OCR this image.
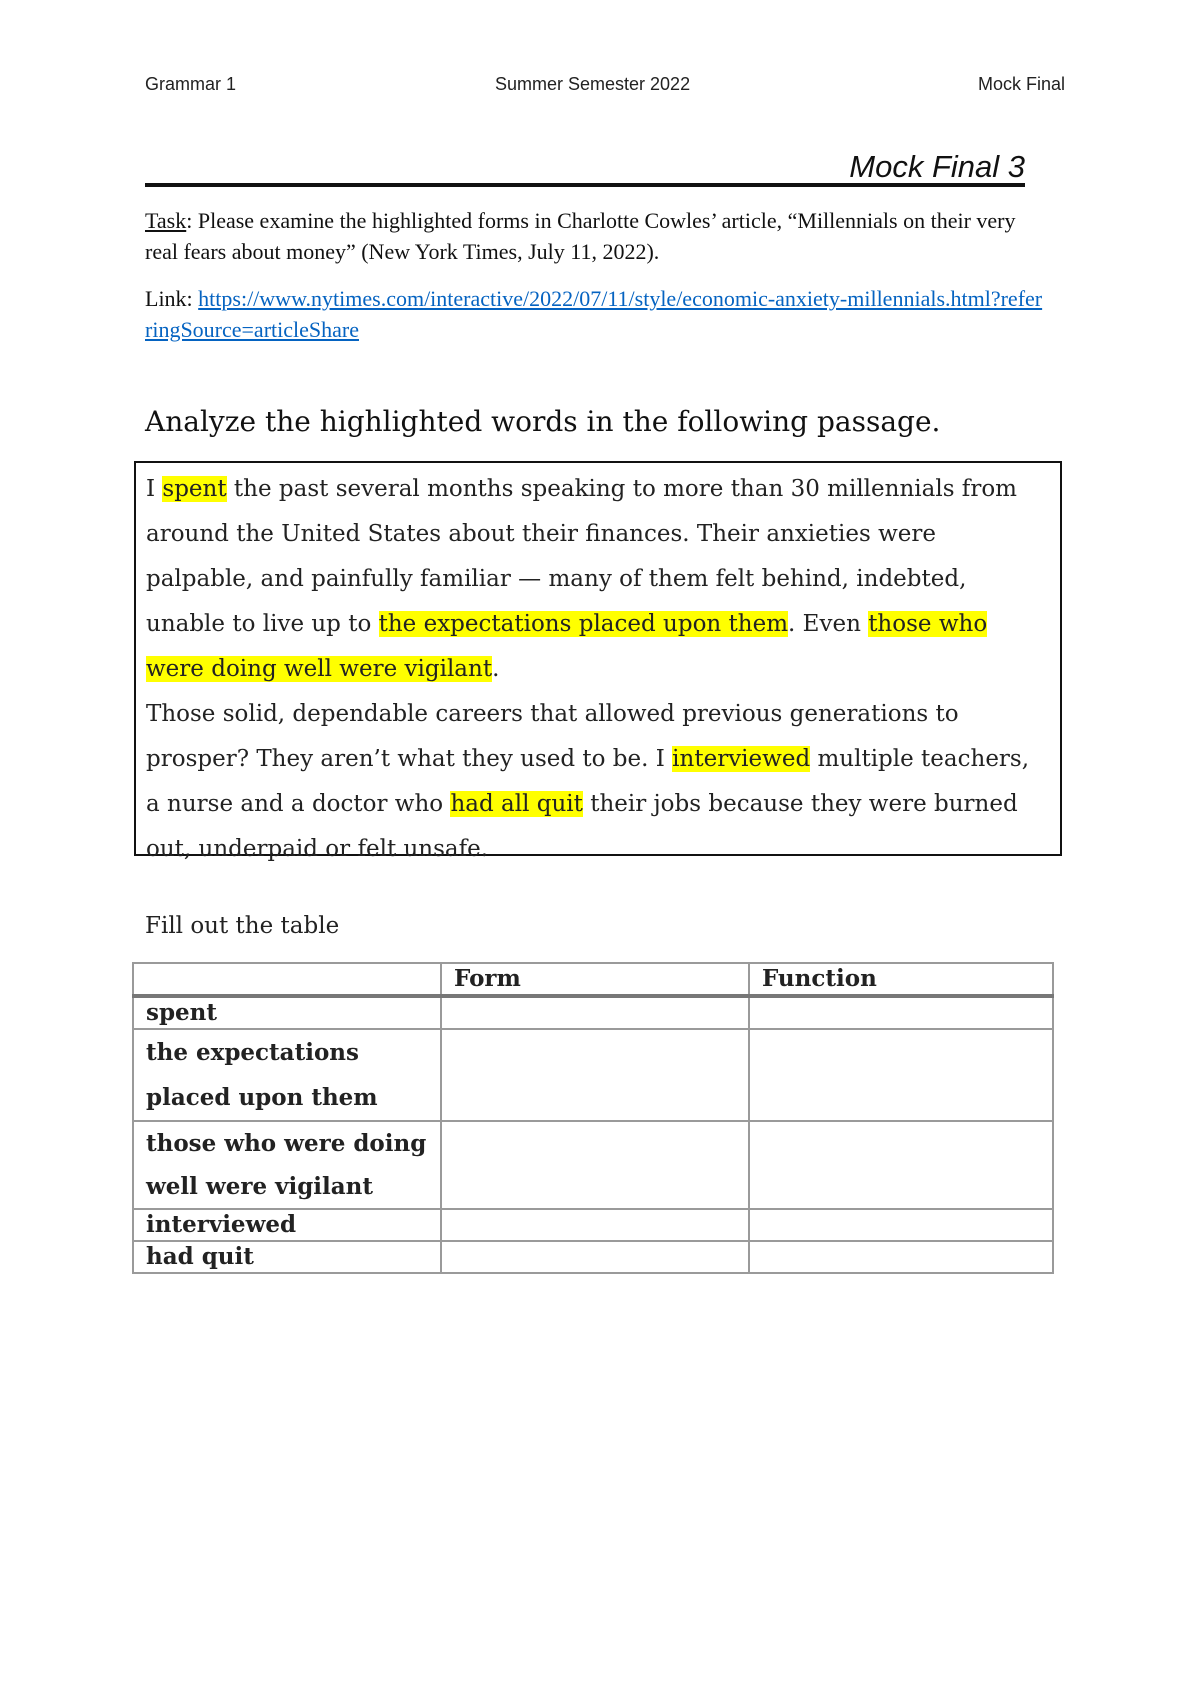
Grammar 1	Summer Semester 2022	Mock Final
Mock Final 3
Task: Please examine the highlighted forms in Charlotte Cowles’ article, “Millennials on their very real fears about money” (New York Times, July 11, 2022).
Link: https://www.nytimes.com/interactive/2022/07/11/style/economic-anxiety-millennials.html?referringSource=articleShare
Analyze the highlighted words in the following passage.
I spent the past several months speaking to more than 30 millennials from around the United States about their finances. Their anxieties were palpable, and painfully familiar — many of them felt behind, indebted, unable to live up to the expectations placed upon them. Even those who were doing well were vigilant.
Those solid, dependable careers that allowed previous generations to prosper? They aren’t what they used to be. I interviewed multiple teachers, a nurse and a doctor who had all quit their jobs because they were burned out, underpaid or felt unsafe.
Fill out the table
	Form	Function
spent		
the expectations placed upon them		
those who were doing well were vigilant		
interviewed		
had quit		
